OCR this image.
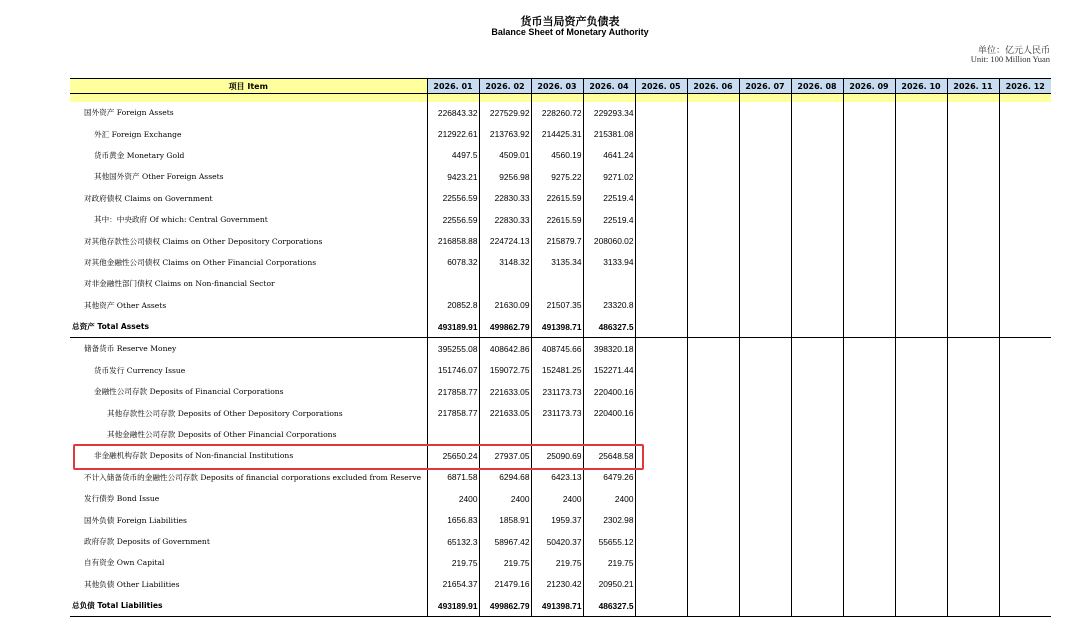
货币当局资产负债表
Balance Sheet of Monetary Authority
单位：亿元人民币
Unit: 100 Million Yuan
项目 Item	2026. 01	2026. 02	2026. 03	2026. 04	2026. 05	2026. 06	2026. 07	2026. 08	2026. 09	2026. 10	2026. 11	2026. 12

国外资产 Foreign Assets	226843.32	227529.92	228260.72	229293.34								
外汇 Foreign Exchange	212922.61	213763.92	214425.31	215381.08								
货币黄金 Monetary Gold	4497.5	4509.01	4560.19	4641.24								
其他国外资产 Other Foreign Assets	9423.21	9256.98	9275.22	9271.02								
对政府债权 Claims on Government	22556.59	22830.33	22615.59	22519.4								
其中：中央政府 Of which: Central Government	22556.59	22830.33	22615.59	22519.4								
对其他存款性公司债权 Claims on Other Depository Corporations	216858.88	224724.13	215879.7	208060.02								
对其他金融性公司债权 Claims on Other Financial Corporations	6078.32	3148.32	3135.34	3133.94								
对非金融性部门债权 Claims on Non-financial Sector												
其他资产 Other Assets	20852.8	21630.09	21507.35	23320.8								
总资产 Total Assets	493189.91	499862.79	491398.71	486327.5								
储备货币 Reserve Money	395255.08	408642.86	408745.66	398320.18								
货币发行 Currency Issue	151746.07	159072.75	152481.25	152271.44								
金融性公司存款 Deposits of Financial Corporations	217858.77	221633.05	231173.73	220400.16								
其他存款性公司存款 Deposits of Other Depository Corporations	217858.77	221633.05	231173.73	220400.16								
其他金融性公司存款 Deposits of Other Financial Corporations												
非金融机构存款 Deposits of Non-financial Institutions	25650.24	27937.05	25090.69	25648.58								
不计入储备货币的金融性公司存款 Deposits of financial corporations excluded from Reserve	6871.58	6294.68	6423.13	6479.26								
发行债券 Bond Issue	2400	2400	2400	2400								
国外负债 Foreign Liabilities	1656.83	1858.91	1959.37	2302.98								
政府存款 Deposits of Government	65132.3	58967.42	50420.37	55655.12								
自有资金 Own Capital	219.75	219.75	219.75	219.75								
其他负债 Other Liabilities	21654.37	21479.16	21230.42	20950.21								
总负债 Total Liabilities	493189.91	499862.79	491398.71	486327.5								
